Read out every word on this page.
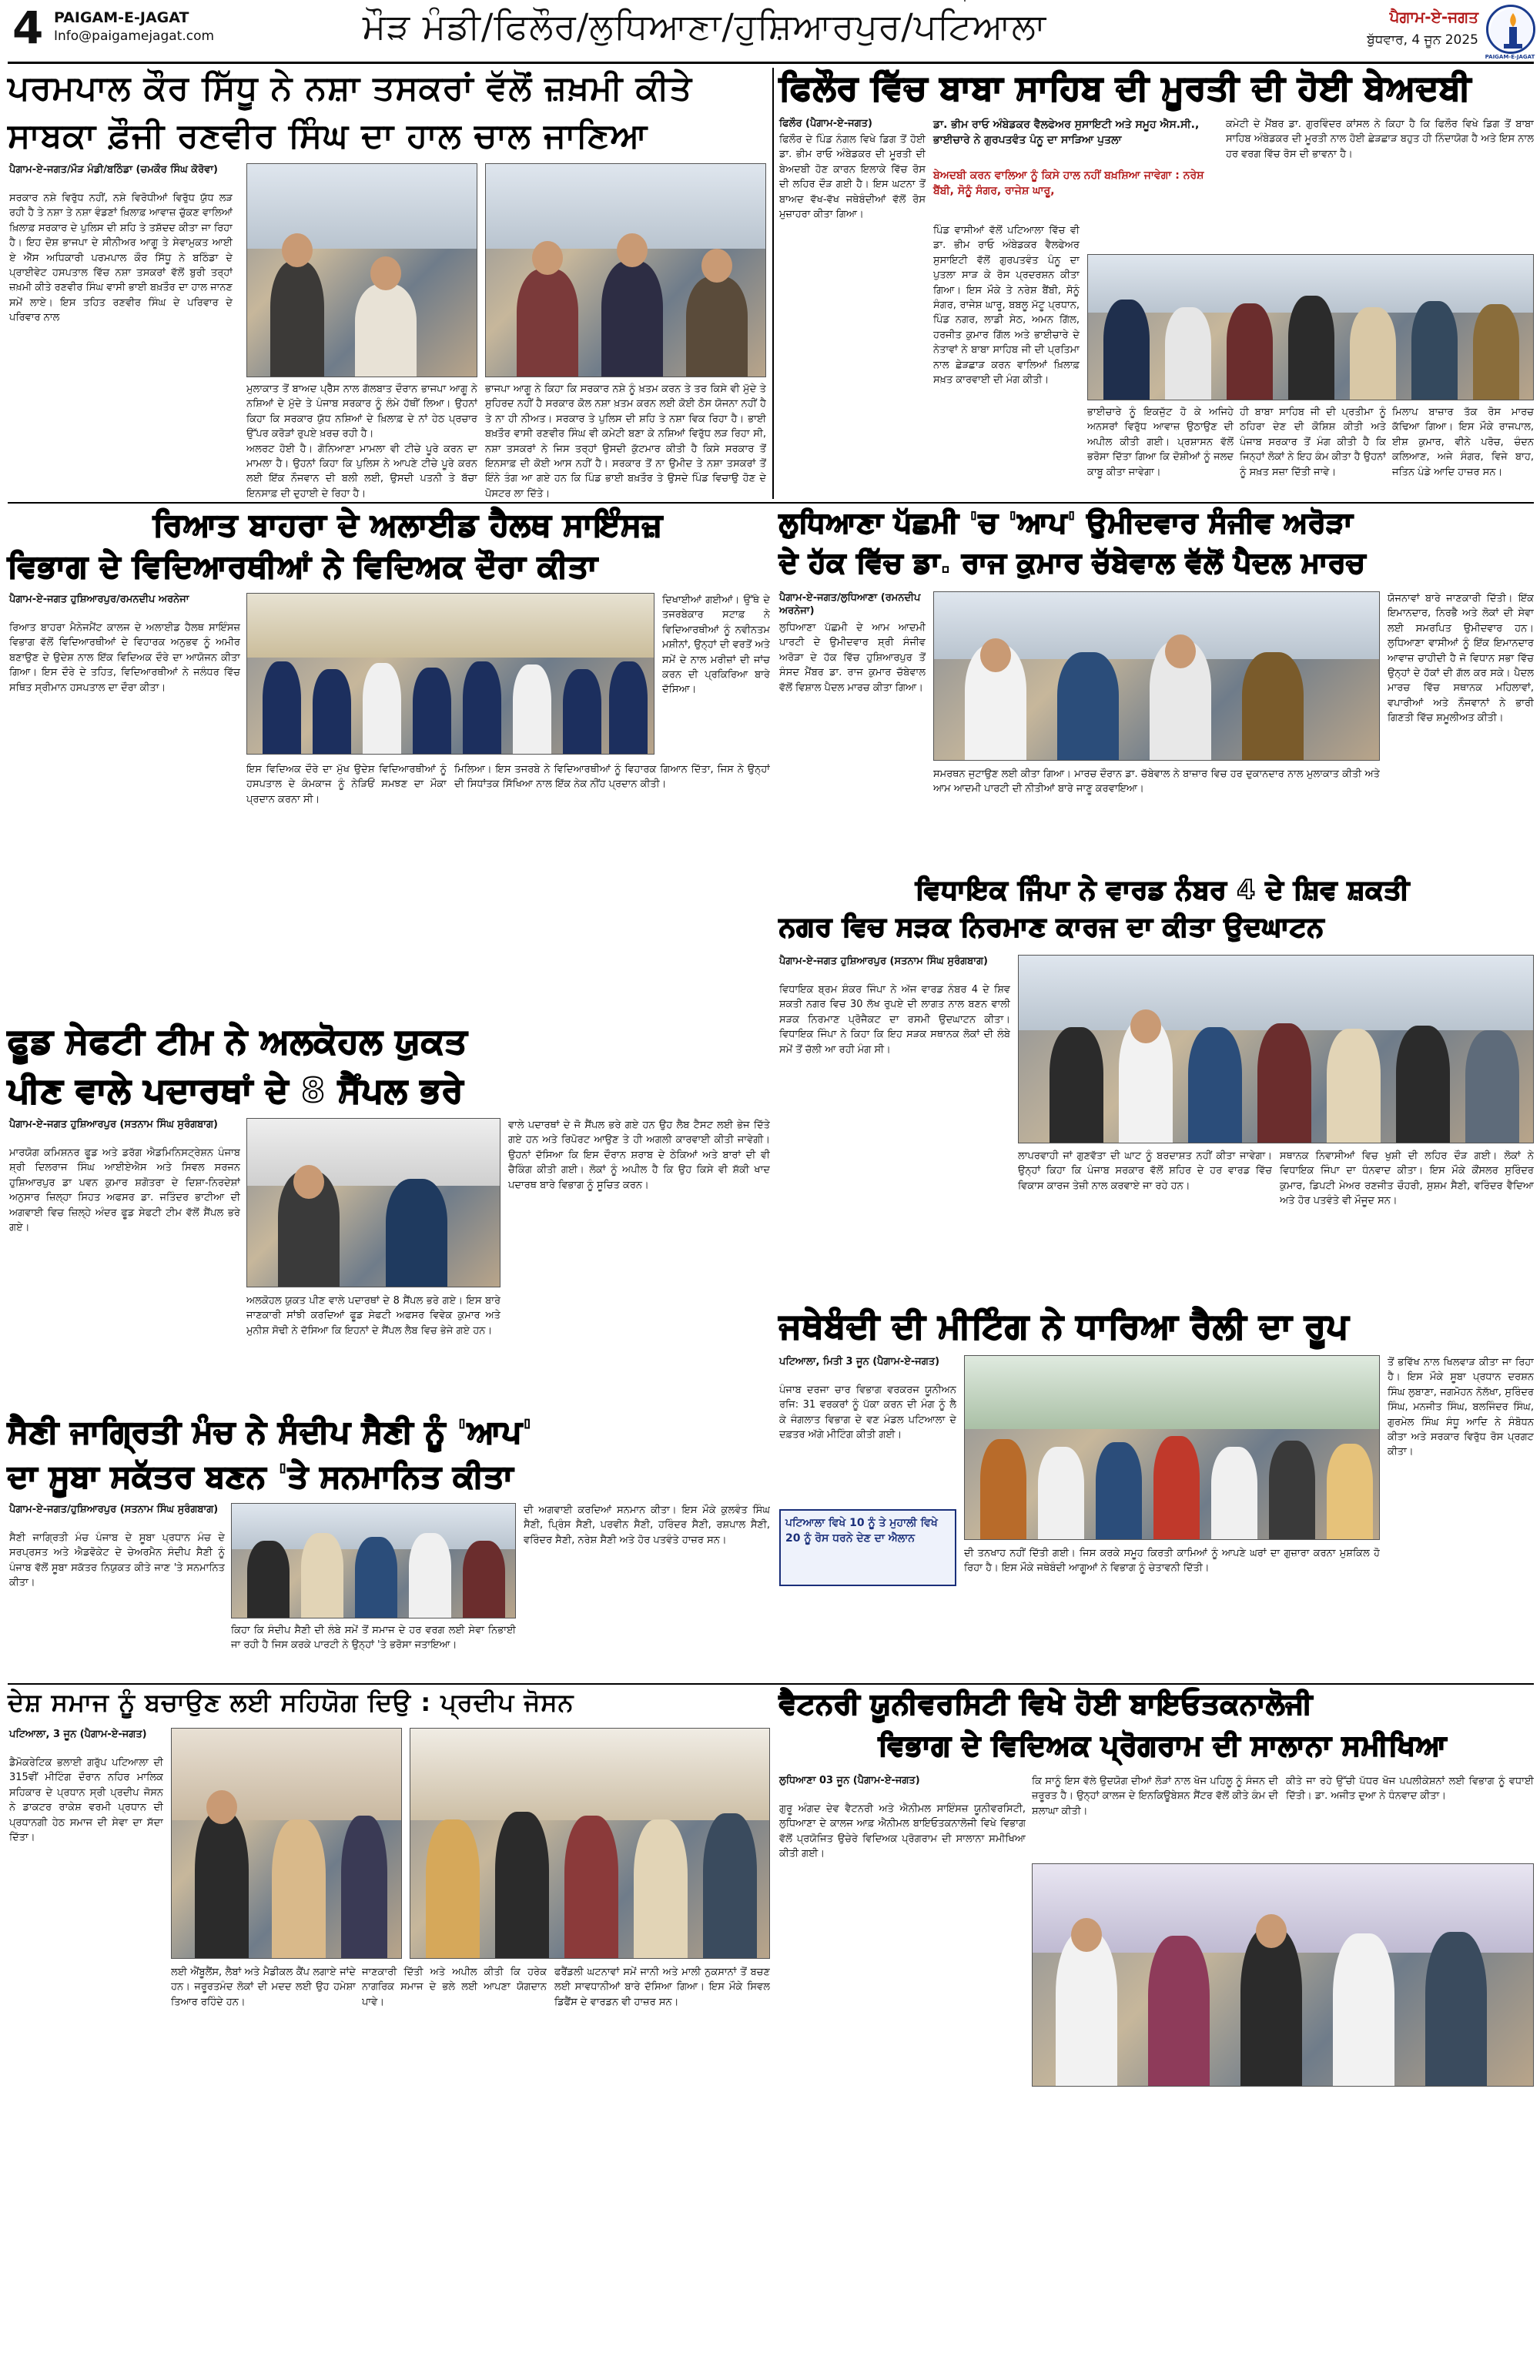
4 PAIGAM-E-JAGAT
Info@paigamejagat.com	ਮੌੜ ਮੰਡੀ/ਫਿਲੌਰ/ਲੁਧਿਆਣਾ/ਹੁਸ਼ਿਆਰਪੁਰ/ਪਟਿਆਲਾ	ਪੈਗਾਮ-ਏ-ਜਗਤ
ਬੁੱਧਵਾਰ, 4 ਜੂਨ 2025
PAIGAM-E-JAGAT
ਪਰਮਪਾਲ ਕੌਰ ਸਿੱਧੂ ਨੇ ਨਸ਼ਾ ਤਸਕਰਾਂ ਵੱਲੋਂ ਜ਼ਖ਼ਮੀ ਕੀਤੇ
ਸਾਬਕਾ ਫ਼ੌਜੀ ਰਣਵੀਰ ਸਿੰਘ ਦਾ ਹਾਲ ਚਾਲ ਜਾਣਿਆ
ਪੈਗਾਮ-ਏ-ਜਗਤ/ਮੌੜ ਮੰਡੀ/ਬਠਿੰਡਾ (ਚਮਕੌਰ ਸਿੰਘ ਕੋਰੋਵਾ)
ਸਰਕਾਰ ਨਸ਼ੇ ਵਿਰੁੱਧ ਨਹੀਂ, ਨਸ਼ੇ ਵਿਰੋਧੀਆਂ ਵਿਰੁੱਧ ਯੁੱਧ ਲੜ ਰਹੀ ਹੈ ਤੇ ਨਸ਼ਾ ਤੇ ਨਸ਼ਾ ਵੰਡਣਾਂ ਖ਼ਿਲਾਫ਼ ਆਵਾਜ਼ ਚੁੱਕਣ ਵਾਲਿਆਂ ਖ਼ਿਲਾਫ਼ ਸਰਕਾਰ ਦੇ ਪੁਲਿਸ ਦੀ ਸ਼ਹਿ ਤੇ ਤਸ਼ੱਦਦ ਕੀਤਾ ਜਾ ਰਿਹਾ ਹੈ। ਇਹ ਦੋਸ਼ ਭਾਜਪਾ ਦੇ ਸੀਨੀਅਰ ਆਗੂ ਤੇ ਸੇਵਾਮੁਕਤ ਆਈ ਏ ਐੱਸ ਅਧਿਕਾਰੀ ਪਰਮਪਾਲ ਕੌਰ ਸਿੱਧੂ ਨੇ ਬਠਿੰਡਾ ਦੇ ਪ੍ਰਾਈਵੇਟ ਹਸਪਤਾਲ ਵਿੱਚ ਨਸ਼ਾ ਤਸਕਰਾਂ ਵੱਲੋਂ ਬੁਰੀ ਤਰ੍ਹਾਂ ਜ਼ਖ਼ਮੀ ਕੀਤੇ ਰਣਵੀਰ ਸਿੰਘ ਵਾਸੀ ਭਾਈ ਬਖ਼ਤੌਰ ਦਾ ਹਾਲ ਜਾਨਣ ਸਮੇਂ ਲਾਏ। ਇਸ ਤਹਿਤ ਰਣਵੀਰ ਸਿੰਘ ਦੇ ਪਰਿਵਾਰ ਦੇ ਪਰਿਵਾਰ ਨਾਲ
ਮੁਲਾਕਾਤ ਤੋਂ ਬਾਅਦ ਪ੍ਰੈੱਸ ਨਾਲ ਗੱਲਬਾਤ ਦੌਰਾਨ ਭਾਜਪਾ ਆਗੂ ਨੇ ਨਸ਼ਿਆਂ ਦੇ ਮੁੱਦੇ ਤੇ ਪੰਜਾਬ ਸਰਕਾਰ ਨੂੰ ਲੰਮੇ ਹੱਥੀਂ ਲਿਆ। ਉਹਨਾਂ ਕਿਹਾ ਕਿ ਸਰਕਾਰ ਯੁੱਧ ਨਸ਼ਿਆਂ ਦੇ ਖ਼ਿਲਾਫ਼ ਦੇ ਨਾਂ ਹੇਠ ਪ੍ਰਚਾਰ ਉੱਪਰ ਕਰੋੜਾਂ ਰੁਪਏ ਖ਼ਰਚ ਰਹੀ ਹੈ।
ਅਲਰਟ ਹੋਈ ਹੈ। ਗੋਨਿਆਣਾ ਮਾਮਲਾ ਵੀ ਟੀਚੇ ਪੂਰੇ ਕਰਨ ਦਾ ਮਾਮਲਾ ਹੈ। ਉਹਨਾਂ ਕਿਹਾ ਕਿ ਪੁਲਿਸ ਨੇ ਆਪਣੇ ਟੀਚੇ ਪੂਰੇ ਕਰਨ ਲਈ ਇੱਕ ਨੌਜਵਾਨ ਦੀ ਬਲੀ ਲਈ, ਉਸਦੀ ਪਤਨੀ ਤੇ ਬੱਚਾ ਇਨਸਾਫ਼ ਦੀ ਦੁਹਾਈ ਦੇ ਰਿਹਾ ਹੈ।
ਭਾਜਪਾ ਆਗੂ ਨੇ ਕਿਹਾ ਕਿ ਸਰਕਾਰ ਨਸ਼ੇ ਨੂੰ ਖ਼ਤਮ ਕਰਨ ਤੇ ਤਰ ਕਿਸੇ ਵੀ ਮੁੱਦੇ ਤੇ ਸੁਹਿਰਦ ਨਹੀਂ ਹੈ ਸਰਕਾਰ ਕੋਲ ਨਸ਼ਾ ਖ਼ਤਮ ਕਰਨ ਲਈ ਕੋਈ ਠੋਸ ਯੋਜਨਾ ਨਹੀਂ ਹੈ ਤੇ ਨਾ ਹੀ ਨੀਅਤ। ਸਰਕਾਰ ਤੇ ਪੁਲਿਸ ਦੀ ਸ਼ਹਿ ਤੇ ਨਸ਼ਾ ਵਿਕ ਰਿਹਾ ਹੈ। ਭਾਈ ਬਖ਼ਤੌਰ ਵਾਸੀ ਰਣਵੀਰ ਸਿੰਘ ਵੀ ਕਮੇਟੀ ਬਣਾ ਕੇ ਨਸ਼ਿਆਂ ਵਿਰੁੱਧ ਲੜ ਰਿਹਾ ਸੀ, ਨਸ਼ਾ ਤਸਕਰਾਂ ਨੇ ਜਿਸ ਤਰ੍ਹਾਂ ਉਸਦੀ ਕੁੱਟਮਾਰ ਕੀਤੀ ਹੈ ਕਿਸੇ ਸਰਕਾਰ ਤੋਂ ਇਨਸਾਫ਼ ਦੀ ਕੋਈ ਆਸ ਨਹੀਂ ਹੈ। ਸਰਕਾਰ ਤੋਂ ਨਾ ਉਮੀਦ ਤੇ ਨਸ਼ਾ ਤਸਕਰਾਂ ਤੋਂ ਇੰਨੇ ਤੰਗ ਆ ਗਏ ਹਨ ਕਿ ਪਿੰਡ ਭਾਈ ਬਖ਼ਤੌਰ ਤੇ ਉਸਦੇ ਪਿੰਡ ਵਿਚਾਉ ਹੋਣ ਦੇ ਪੋਸਟਰ ਲਾ ਦਿੱਤੇ।
ਫਿਲੌਰ ਵਿੱਚ ਬਾਬਾ ਸਾਹਿਬ ਦੀ ਮੂਰਤੀ ਦੀ ਹੋਈ ਬੇਅਦਬੀ
ਫਿਲੌਰ (ਪੈਗਾਮ-ਏ-ਜਗਤ)
ਫਿਲੌਰ ਦੇ ਪਿੰਡ ਨੰਗਲ ਵਿਖੇ ਡਿਗ ਤੋਂ ਹੋਈ ਡਾ. ਭੀਮ ਰਾਓ ਅੰਬੇਡਕਰ ਦੀ ਮੂਰਤੀ ਦੀ ਬੇਅਦਬੀ ਹੋਣ ਕਾਰਨ ਇਲਾਕੇ ਵਿੱਚ ਰੋਸ ਦੀ ਲਹਿਰ ਦੌੜ ਗਈ ਹੈ। ਇਸ ਘਟਨਾ ਤੋਂ ਬਾਅਦ ਵੱਖ-ਵੱਖ ਜਥੇਬੰਦੀਆਂ ਵੱਲੋਂ ਰੋਸ ਮੁਜ਼ਾਹਰਾ ਕੀਤਾ ਗਿਆ।
ਡਾ. ਭੀਮ ਰਾਓ ਅੰਬੇਡਕਰ ਵੈਲਫੇਅਰ ਸੁਸਾਇਟੀ ਅਤੇ ਸਮੂਹ ਐਸ.ਸੀ., ਭਾਈਚਾਰੇ ਨੇ ਗੁਰਪਤਵੰਤ ਪੰਨੂ ਦਾ ਸਾੜਿਆ ਪੁਤਲਾ
ਬੇਅਦਬੀ ਕਰਨ ਵਾਲਿਆ ਨੂੰ ਕਿਸੇ ਹਾਲ ਨਹੀਂ ਬਖ਼ਸ਼ਿਆ ਜਾਵੇਗਾ : ਨਰੇਸ਼ ਬੈਂਬੀ, ਸੋਨੂੰ ਸੰਗਰ, ਰਾਜੇਸ਼ ਘਾਰੂ,
ਕਮੇਟੀ ਦੇ ਮੈਂਬਰ ਡਾ. ਗੁਰਵਿੰਦਰ ਕਾਂਸਲ ਨੇ ਕਿਹਾ ਹੈ ਕਿ ਫਿਲੌਰ ਵਿਖੇ ਡਿਗ ਤੋਂ ਬਾਬਾ ਸਾਹਿਬ ਅੰਬੇਡਕਰ ਦੀ ਮੂਰਤੀ ਨਾਲ ਹੋਈ ਛੇੜਛਾੜ ਬਹੁਤ ਹੀ ਨਿੰਦਾਯੋਗ ਹੈ ਅਤੇ ਇਸ ਨਾਲ ਹਰ ਵਰਗ ਵਿੱਚ ਰੋਸ ਦੀ ਭਾਵਨਾ ਹੈ।
ਪਿੰਡ ਵਾਸੀਆਂ ਵੱਲੋਂ ਪਟਿਆਲਾ ਵਿੱਚ ਵੀ ਡਾ. ਭੀਮ ਰਾਓ ਅੰਬੇਡਕਰ ਵੈਲਫੇਅਰ ਸੁਸਾਇਟੀ ਵੱਲੋਂ ਗੁਰਪਤਵੰਤ ਪੰਨੂ ਦਾ ਪੁਤਲਾ ਸਾੜ ਕੇ ਰੋਸ ਪ੍ਰਦਰਸ਼ਨ ਕੀਤਾ ਗਿਆ। ਇਸ ਮੌਕੇ ਤੇ ਨਰੇਸ਼ ਬੈਂਬੀ, ਸੋਨੂੰ ਸੰਗਰ, ਰਾਜੇਸ਼ ਘਾਰੂ, ਬਬਲੂ ਮੱਟੂ ਪ੍ਰਧਾਨ, ਪਿੰਡ ਨਗਰ, ਲਾਡੀ ਸੇਠ, ਅਮਨ ਗਿੱਲ, ਹਰਜੀਤ ਕੁਮਾਰ ਗਿੱਲ ਅਤੇ ਭਾਈਚਾਰੇ ਦੇ ਨੇਤਾਵਾਂ ਨੇ ਬਾਬਾ ਸਾਹਿਬ ਜੀ ਦੀ ਪ੍ਰਤਿਮਾ ਨਾਲ ਛੇੜਛਾੜ ਕਰਨ ਵਾਲਿਆਂ ਖ਼ਿਲਾਫ਼ ਸਖ਼ਤ ਕਾਰਵਾਈ ਦੀ ਮੰਗ ਕੀਤੀ।
ਭਾਈਚਾਰੇ ਨੂੰ ਇਕਜੁੱਟ ਹੋ ਕੇ ਅਜਿਹੇ ਅਨਸਰਾਂ ਵਿਰੁੱਧ ਆਵਾਜ਼ ਉਠਾਉਣ ਦੀ ਅਪੀਲ ਕੀਤੀ ਗਈ। ਪ੍ਰਸ਼ਾਸਨ ਵੱਲੋਂ ਭਰੋਸਾ ਦਿੱਤਾ ਗਿਆ ਕਿ ਦੋਸ਼ੀਆਂ ਨੂੰ ਜਲਦ ਕਾਬੂ ਕੀਤਾ ਜਾਵੇਗਾ।
ਹੀ ਬਾਬਾ ਸਾਹਿਬ ਜੀ ਦੀ ਪ੍ਰਤੀਮਾ ਨੂੰ ਠਹਿਰਾ ਦੇਣ ਦੀ ਕੋਸ਼ਿਸ਼ ਕੀਤੀ ਅਤੇ ਪੰਜਾਬ ਸਰਕਾਰ ਤੋਂ ਮੰਗ ਕੀਤੀ ਹੈ ਕਿ ਜਿਨ੍ਹਾਂ ਲੋਕਾਂ ਨੇ ਇਹ ਕੰਮ ਕੀਤਾ ਹੈ ਉਹਨਾਂ ਨੂੰ ਸਖ਼ਤ ਸਜ਼ਾ ਦਿੱਤੀ ਜਾਵੇ।
ਮਿਲਾਪ ਬਾਜ਼ਾਰ ਤੱਕ ਰੋਸ ਮਾਰਚ ਕੱਢਿਆ ਗਿਆ। ਇਸ ਮੌਕੇ ਰਾਜਪਾਲ, ਈਸ਼ ਕੁਮਾਰ, ਵੀਨੇ ਪਰੋਚ, ਚੰਦਨ ਕਲਿਆਣ, ਅਜੇ ਸੰਗਰ, ਵਿਜੇ ਬਾਹ, ਜਤਿਨ ਪੰਡੇ ਆਦਿ ਹਾਜ਼ਰ ਸਨ।
ਰਿਆਤ ਬਾਹਰਾ ਦੇ ਅਲਾਈਡ ਹੈਲਥ ਸਾਇੰਸਜ਼
ਵਿਭਾਗ ਦੇ ਵਿਦਿਆਰਥੀਆਂ ਨੇ ਵਿਦਿਅਕ ਦੌਰਾ ਕੀਤਾ
ਪੈਗਾਮ-ਏ-ਜਗਤ ਹੁਸ਼ਿਆਰਪੁਰ/ਰਮਨਦੀਪ ਅਰਨੇਜਾ
ਰਿਆਤ ਬਾਹਰਾ ਮੈਨੇਜਮੈਂਟ ਕਾਲਜ ਦੇ ਅਲਾਈਡ ਹੈਲਥ ਸਾਇੰਸਜ਼ ਵਿਭਾਗ ਵੱਲੋਂ ਵਿਦਿਆਰਥੀਆਂ ਦੇ ਵਿਹਾਰਕ ਅਨੁਭਵ ਨੂੰ ਅਮੀਰ ਬਣਾਉਣ ਦੇ ਉਦੇਸ਼ ਨਾਲ ਇੱਕ ਵਿਦਿਅਕ ਦੌਰੇ ਦਾ ਆਯੋਜਨ ਕੀਤਾ ਗਿਆ। ਇਸ ਦੌਰੇ ਦੇ ਤਹਿਤ, ਵਿਦਿਆਰਥੀਆਂ ਨੇ ਜਲੰਧਰ ਵਿੱਚ ਸਥਿਤ ਸ੍ਰੀਮਾਨ ਹਸਪਤਾਲ ਦਾ ਦੌਰਾ ਕੀਤਾ।
ਦਿਖਾਈਆਂ ਗਈਆਂ। ਉੱਥੇ ਦੇ ਤਜਰਬੇਕਾਰ ਸਟਾਫ਼ ਨੇ ਵਿਦਿਆਰਥੀਆਂ ਨੂੰ ਨਵੀਨਤਮ ਮਸ਼ੀਨਾਂ, ਉਨ੍ਹਾਂ ਦੀ ਵਰਤੋਂ ਅਤੇ ਸਮੇਂ ਦੇ ਨਾਲ ਮਰੀਜ਼ਾਂ ਦੀ ਜਾਂਚ ਕਰਨ ਦੀ ਪ੍ਰਕਿਰਿਆ ਬਾਰੇ ਦੱਸਿਆ।
ਇਸ ਵਿਦਿਅਕ ਦੌਰੇ ਦਾ ਮੁੱਖ ਉਦੇਸ਼ ਵਿਦਿਆਰਥੀਆਂ ਨੂੰ ਹਸਪਤਾਲ ਦੇ ਕੰਮਕਾਜ ਨੂੰ ਨੇੜਿਓਂ ਸਮਝਣ ਦਾ ਮੌਕਾ ਪ੍ਰਦਾਨ ਕਰਨਾ ਸੀ।
ਮਿਲਿਆ। ਇਸ ਤਜਰਬੇ ਨੇ ਵਿਦਿਆਰਥੀਆਂ ਨੂੰ ਵਿਹਾਰਕ ਗਿਆਨ ਦਿੱਤਾ, ਜਿਸ ਨੇ ਉਨ੍ਹਾਂ ਦੀ ਸਿਧਾਂਤਕ ਸਿੱਖਿਆ ਨਾਲ ਇੱਕ ਨੇਕ ਨੀਂਹ ਪ੍ਰਦਾਨ ਕੀਤੀ।
ਲੁਧਿਆਣਾ ਪੱਛਮੀ 'ਚ 'ਆਪ' ਉਮੀਦਵਾਰ ਸੰਜੀਵ ਅਰੋੜਾ
ਦੇ ਹੱਕ ਵਿੱਚ ਡਾ. ਰਾਜ ਕੁਮਾਰ ਚੱਬੇਵਾਲ ਵੱਲੋਂ ਪੈਦਲ ਮਾਰਚ
ਪੈਗਾਮ-ਏ-ਜਗਤ/ਲੁਧਿਆਣਾ (ਰਮਨਦੀਪ ਅਰਨੇਜਾ)
ਲੁਧਿਆਣਾ ਪੱਛਮੀ ਦੇ ਆਮ ਆਦਮੀ ਪਾਰਟੀ ਦੇ ਉਮੀਦਵਾਰ ਸ਼੍ਰੀ ਸੰਜੀਵ ਅਰੋੜਾ ਦੇ ਹੱਕ ਵਿੱਚ ਹੁਸ਼ਿਆਰਪੁਰ ਤੋਂ ਸੰਸਦ ਮੈਂਬਰ ਡਾ. ਰਾਜ ਕੁਮਾਰ ਚੱਬੇਵਾਲ ਵੱਲੋਂ ਵਿਸ਼ਾਲ ਪੈਦਲ ਮਾਰਚ ਕੀਤਾ ਗਿਆ।
ਯੋਜਨਾਵਾਂ ਬਾਰੇ ਜਾਣਕਾਰੀ ਦਿੱਤੀ। ਇੱਕ ਇਮਾਨਦਾਰ, ਨਿਰਭੈ ਅਤੇ ਲੋਕਾਂ ਦੀ ਸੇਵਾ ਲਈ ਸਮਰਪਿਤ ਉਮੀਦਵਾਰ ਹਨ। ਲੁਧਿਆਣਾ ਵਾਸੀਆਂ ਨੂੰ ਇੱਕ ਇਮਾਨਦਾਰ ਆਵਾਜ਼ ਚਾਹੀਦੀ ਹੈ ਜੋ ਵਿਧਾਨ ਸਭਾ ਵਿੱਚ ਉਨ੍ਹਾਂ ਦੇ ਹੱਕਾਂ ਦੀ ਗੱਲ ਕਰ ਸਕੇ। ਪੈਦਲ ਮਾਰਚ ਵਿੱਚ ਸਥਾਨਕ ਮਹਿਲਾਵਾਂ, ਵਪਾਰੀਆਂ ਅਤੇ ਨੌਜਵਾਨਾਂ ਨੇ ਭਾਰੀ ਗਿਣਤੀ ਵਿੱਚ ਸ਼ਮੂਲੀਅਤ ਕੀਤੀ।
ਸਮਰਥਨ ਜੁਟਾਉਣ ਲਈ ਕੀਤਾ ਗਿਆ। ਮਾਰਚ ਦੌਰਾਨ ਡਾ. ਚੱਬੇਵਾਲ ਨੇ ਬਾਜ਼ਾਰ ਵਿਚ ਹਰ ਦੁਕਾਨਦਾਰ ਨਾਲ ਮੁਲਾਕਾਤ ਕੀਤੀ ਅਤੇ ਆਮ ਆਦਮੀ ਪਾਰਟੀ ਦੀ ਨੀਤੀਆਂ ਬਾਰੇ ਜਾਣੂ ਕਰਵਾਇਆ।
ਵਿਧਾਇਕ ਜਿੰਪਾ ਨੇ ਵਾਰਡ ਨੰਬਰ 4 ਦੇ ਸ਼ਿਵ ਸ਼ਕਤੀ
ਨਗਰ ਵਿਚ ਸੜਕ ਨਿਰਮਾਣ ਕਾਰਜ ਦਾ ਕੀਤਾ ਉਦਘਾਟਨ
ਪੈਗਾਮ-ਏ-ਜਗਤ ਹੁਸ਼ਿਆਰਪੁਰ (ਸਤਨਾਮ ਸਿੰਘ ਸੁਰੰਗਬਾਗ)
ਵਿਧਾਇਕ ਬ੍ਰਮ ਸ਼ੰਕਰ ਜਿੰਪਾ ਨੇ ਅੱਜ ਵਾਰਡ ਨੰਬਰ 4 ਦੇ ਸ਼ਿਵ ਸ਼ਕਤੀ ਨਗਰ ਵਿਚ 30 ਲੱਖ ਰੁਪਏ ਦੀ ਲਾਗਤ ਨਾਲ ਬਣਨ ਵਾਲੀ ਸੜਕ ਨਿਰਮਾਣ ਪ੍ਰੋਜੈਕਟ ਦਾ ਰਸਮੀ ਉਦਘਾਟਨ ਕੀਤਾ। ਵਿਧਾਇਕ ਜਿੰਪਾ ਨੇ ਕਿਹਾ ਕਿ ਇਹ ਸੜਕ ਸਥਾਨਕ ਲੋਕਾਂ ਦੀ ਲੰਬੇ ਸਮੇਂ ਤੋਂ ਚੱਲੀ ਆ ਰਹੀ ਮੰਗ ਸੀ।
ਲਾਪਰਵਾਹੀ ਜਾਂ ਗੁਣਵੱਤਾ ਦੀ ਘਾਟ ਨੂੰ ਬਰਦਾਸ਼ਤ ਨਹੀਂ ਕੀਤਾ ਜਾਵੇਗਾ। ਉਨ੍ਹਾਂ ਕਿਹਾ ਕਿ ਪੰਜਾਬ ਸਰਕਾਰ ਵੱਲੋਂ ਸ਼ਹਿਰ ਦੇ ਹਰ ਵਾਰਡ ਵਿੱਚ ਵਿਕਾਸ ਕਾਰਜ ਤੇਜ਼ੀ ਨਾਲ ਕਰਵਾਏ ਜਾ ਰਹੇ ਹਨ।
ਸਥਾਨਕ ਨਿਵਾਸੀਆਂ ਵਿਚ ਖੁਸ਼ੀ ਦੀ ਲਹਿਰ ਦੌੜ ਗਈ। ਲੋਕਾਂ ਨੇ ਵਿਧਾਇਕ ਜਿੰਪਾ ਦਾ ਧੰਨਵਾਦ ਕੀਤਾ। ਇਸ ਮੌਕੇ ਕੌਂਸਲਰ ਸੁਰਿੰਦਰ ਕੁਮਾਰ, ਡਿਪਟੀ ਮੇਅਰ ਰਣਜੀਤ ਚੌਹਰੀ, ਸੁਸ਼ਮ ਸੈਣੀ, ਵਰਿੰਦਰ ਵੈਦਿਆ ਅਤੇ ਹੋਰ ਪਤਵੰਤੇ ਵੀ ਮੌਜੂਦ ਸਨ।
ਫੂਡ ਸੇਫਟੀ ਟੀਮ ਨੇ ਅਲਕੋਹਲ ਯੁਕਤ
ਪੀਣ ਵਾਲੇ ਪਦਾਰਥਾਂ ਦੇ 8 ਸੈਂਪਲ ਭਰੇ
ਪੈਗਾਮ-ਏ-ਜਗਤ ਹੁਸ਼ਿਆਰਪੁਰ (ਸਤਨਾਮ ਸਿੰਘ ਸੁਰੰਗਬਾਗ)
ਮਾਰਯੋਗ ਕਮਿਸ਼ਨਰ ਫੂਡ ਅਤੇ ਡਰੱਗ ਐਡਮਿਨਿਸਟ੍ਰੇਸ਼ਨ ਪੰਜਾਬ ਸ਼੍ਰੀ ਦਿਲਰਾਜ ਸਿੰਘ ਆਈਏਐਸ ਅਤੇ ਸਿਵਲ ਸਰਜਨ ਹੁਸ਼ਿਆਰਪੁਰ ਡਾ ਪਵਨ ਕੁਮਾਰ ਸ਼ਗੋਤਰਾ ਦੇ ਦਿਸ਼ਾ-ਨਿਰਦੇਸ਼ਾਂ ਅਨੁਸਾਰ ਜ਼ਿਲ੍ਹਾ ਸਿਹਤ ਅਫਸਰ ਡਾ. ਜਤਿੰਦਰ ਭਾਟੀਆ ਦੀ ਅਗਵਾਈ ਵਿਚ ਜ਼ਿਲ੍ਹੇ ਅੰਦਰ ਫੂਡ ਸੇਫਟੀ ਟੀਮ ਵੱਲੋਂ ਸੈਂਪਲ ਭਰੇ ਗਏ।
ਅਲਕੋਹਲ ਯੁਕਤ ਪੀਣ ਵਾਲੇ ਪਦਾਰਥਾਂ ਦੇ 8 ਸੈਂਪਲ ਭਰੇ ਗਏ। ਇਸ ਬਾਰੇ ਜਾਣਕਾਰੀ ਸਾਂਝੀ ਕਰਦਿਆਂ ਫੂਡ ਸੇਫਟੀ ਅਫਸਰ ਵਿਵੇਕ ਕੁਮਾਰ ਅਤੇ ਮੁਨੀਸ਼ ਸੋਢੀ ਨੇ ਦੱਸਿਆ ਕਿ ਇਹਨਾਂ ਦੇ ਸੈਂਪਲ ਲੈਬ ਵਿਚ ਭੇਜੇ ਗਏ ਹਨ।
ਵਾਲੇ ਪਦਾਰਥਾਂ ਦੇ ਜੋ ਸੈਂਪਲ ਭਰੇ ਗਏ ਹਨ ਉਹ ਲੈਬ ਟੈਸਟ ਲਈ ਭੇਜ ਦਿੱਤੇ ਗਏ ਹਨ ਅਤੇ ਰਿਪੋਰਟ ਆਉਣ ਤੇ ਹੀ ਅਗਲੀ ਕਾਰਵਾਈ ਕੀਤੀ ਜਾਵੇਗੀ। ਉਹਨਾਂ ਦੱਸਿਆ ਕਿ ਇਸ ਦੌਰਾਨ ਸ਼ਰਾਬ ਦੇ ਠੇਕਿਆਂ ਅਤੇ ਬਾਰਾਂ ਦੀ ਵੀ ਚੈਕਿੰਗ ਕੀਤੀ ਗਈ। ਲੋਕਾਂ ਨੂੰ ਅਪੀਲ ਹੈ ਕਿ ਉਹ ਕਿਸੇ ਵੀ ਸ਼ੱਕੀ ਖਾਦ ਪਦਾਰਥ ਬਾਰੇ ਵਿਭਾਗ ਨੂੰ ਸੂਚਿਤ ਕਰਨ।
ਜਥੇਬੰਦੀ ਦੀ ਮੀਟਿੰਗ ਨੇ ਧਾਰਿਆ ਰੈਲੀ ਦਾ ਰੂਪ
ਪਟਿਆਲਾ, ਮਿਤੀ 3 ਜੂਨ (ਪੈਗਾਮ-ਏ-ਜਗਤ)
ਪੰਜਾਬ ਦਰਜਾ ਚਾਰ ਵਿਭਾਗ ਵਰਕਰਜ ਯੂਨੀਅਨ ਰਜਿ: 31 ਵਰਕਰਾਂ ਨੂੰ ਪੱਕਾ ਕਰਨ ਦੀ ਮੰਗ ਨੂੰ ਲੈ ਕੇ ਜੰਗਲਾਤ ਵਿਭਾਗ ਦੇ ਵਣ ਮੰਡਲ ਪਟਿਆਲਾ ਦੇ ਦਫ਼ਤਰ ਅੱਗੇ ਮੀਟਿੰਗ ਕੀਤੀ ਗਈ।
ਪਟਿਆਲਾ ਵਿਖੇ 10 ਨੂੰ ਤੇ ਮੁਹਾਲੀ ਵਿਖੇ 20 ਨੂੰ ਰੋਸ ਧਰਨੇ ਦੇਣ ਦਾ ਐਲਾਨ
ਤੋਂ ਭਵਿੱਖ ਨਾਲ ਖਿਲਵਾੜ ਕੀਤਾ ਜਾ ਰਿਹਾ ਹੈ। ਇਸ ਮੌਕੇ ਸੂਬਾ ਪ੍ਰਧਾਨ ਦਰਸ਼ਨ ਸਿੰਘ ਲੁਬਾਣਾ, ਜਗਮੋਹਨ ਨੋਲੱਖਾ, ਸੁਰਿੰਦਰ ਸਿੰਘ, ਮਨਜੀਤ ਸਿੰਘ, ਬਲਜਿੰਦਰ ਸਿੰਘ, ਗੁਰਮੇਲ ਸਿੰਘ ਸੰਧੂ ਆਦਿ ਨੇ ਸੰਬੋਧਨ ਕੀਤਾ ਅਤੇ ਸਰਕਾਰ ਵਿਰੁੱਧ ਰੋਸ ਪ੍ਰਗਟ ਕੀਤਾ।
ਦੀ ਤਨਖਾਹ ਨਹੀਂ ਦਿੱਤੀ ਗਈ। ਜਿਸ ਕਰਕੇ ਸਮੂਹ ਕਿਰਤੀ ਕਾਮਿਆਂ ਨੂੰ ਆਪਣੇ ਘਰਾਂ ਦਾ ਗੁਜ਼ਾਰਾ ਕਰਨਾ ਮੁਸ਼ਕਿਲ ਹੋ ਰਿਹਾ ਹੈ। ਇਸ ਮੌਕੇ ਜਥੇਬੰਦੀ ਆਗੂਆਂ ਨੇ ਵਿਭਾਗ ਨੂੰ ਚੇਤਾਵਨੀ ਦਿੱਤੀ।
ਸੈਣੀ ਜਾਗ੍ਰਿਤੀ ਮੰਚ ਨੇ ਸੰਦੀਪ ਸੈਣੀ ਨੂੰ 'ਆਪ'
ਦਾ ਸੂਬਾ ਸਕੱਤਰ ਬਣਨ 'ਤੇ ਸਨਮਾਨਿਤ ਕੀਤਾ
ਪੈਗਾਮ-ਏ-ਜਗਤ/ਹੁਸ਼ਿਆਰਪੁਰ (ਸਤਨਾਮ ਸਿੰਘ ਸੁਰੰਗਬਾਗ)
ਸੈਣੀ ਜਾਗ੍ਰਿਤੀ ਮੰਚ ਪੰਜਾਬ ਦੇ ਸੂਬਾ ਪ੍ਰਧਾਨ ਮੰਚ ਦੇ ਸਰਪ੍ਰਸਤ ਅਤੇ ਐਡਵੋਕੇਟ ਦੇ ਚੇਅਰਮੈਨ ਸੰਦੀਪ ਸੈਣੀ ਨੂੰ ਪੰਜਾਬ ਵੱਲੋਂ ਸੂਬਾ ਸਕੱਤਰ ਨਿਯੁਕਤ ਕੀਤੇ ਜਾਣ 'ਤੇ ਸਨਮਾਨਿਤ ਕੀਤਾ।
ਕਿਹਾ ਕਿ ਸੰਦੀਪ ਸੈਣੀ ਦੀ ਲੰਬੇ ਸਮੇਂ ਤੋਂ ਸਮਾਜ ਦੇ ਹਰ ਵਰਗ ਲਈ ਸੇਵਾ ਨਿਭਾਈ ਜਾ ਰਹੀ ਹੈ ਜਿਸ ਕਰਕੇ ਪਾਰਟੀ ਨੇ ਉਨ੍ਹਾਂ 'ਤੇ ਭਰੋਸਾ ਜਤਾਇਆ।
ਦੀ ਅਗਵਾਈ ਕਰਦਿਆਂ ਸਨਮਾਨ ਕੀਤਾ। ਇਸ ਮੌਕੇ ਕੁਲਵੰਤ ਸਿੰਘ ਸੈਣੀ, ਪ੍ਰਿੰਸ ਸੈਣੀ, ਪਰਵੀਨ ਸੈਣੀ, ਹਰਿੰਦਰ ਸੈਣੀ, ਰਸ਼ਪਾਲ ਸੈਣੀ, ਵਰਿੰਦਰ ਸੈਣੀ, ਨਰੇਸ਼ ਸੈਣੀ ਅਤੇ ਹੋਰ ਪਤਵੰਤੇ ਹਾਜ਼ਰ ਸਨ।
ਦੇਸ਼ ਸਮਾਜ ਨੂੰ ਬਚਾਉਣ ਲਈ ਸਹਿਯੋਗ ਦਿਉ : ਪ੍ਰਦੀਪ ਜੋਸਨ
ਪਟਿਆਲਾ, 3 ਜੂਨ (ਪੈਗਾਮ-ਏ-ਜਗਤ)
ਡੈਮੋਕਰੇਟਿਕ ਭਲਾਈ ਗਰੁੱਪ ਪਟਿਆਲਾ ਦੀ 315ਵੀਂ ਮੀਟਿੰਗ ਦੌਰਾਨ ਨਹਿਰ ਮਾਲਿਕ ਸਹਿਕਾਰ ਦੇ ਪ੍ਰਧਾਨ ਸ੍ਰੀ ਪ੍ਰਦੀਪ ਜੋਸਨ ਨੇ ਡਾਕਟਰ ਰਾਕੇਸ਼ ਵਰਮੀ ਪ੍ਰਧਾਨ ਦੀ ਪ੍ਰਧਾਨਗੀ ਹੇਠ ਸਮਾਜ ਦੀ ਸੇਵਾ ਦਾ ਸੱਦਾ ਦਿੱਤਾ।
ਲਈ ਐਂਬੂਲੈਂਸ, ਲੈਬਾਂ ਅਤੇ ਮੈਡੀਕਲ ਕੈਂਪ ਲਗਾਏ ਜਾਂਦੇ ਹਨ। ਜਰੂਰਤਮੰਦ ਲੋਕਾਂ ਦੀ ਮਦਦ ਲਈ ਉਹ ਹਮੇਸ਼ਾ ਤਿਆਰ ਰਹਿੰਦੇ ਹਨ।
ਜਾਣਕਾਰੀ ਦਿੱਤੀ ਅਤੇ ਅਪੀਲ ਕੀਤੀ ਕਿ ਹਰੇਕ ਨਾਗਰਿਕ ਸਮਾਜ ਦੇ ਭਲੇ ਲਈ ਆਪਣਾ ਯੋਗਦਾਨ ਪਾਵੇ।
ਫਰੈਂਡਲੀ ਘਟਨਾਵਾਂ ਸਮੇਂ ਜਾਨੀ ਅਤੇ ਮਾਲੀ ਨੁਕਸਾਨਾਂ ਤੋਂ ਬਚਣ ਲਈ ਸਾਵਧਾਨੀਆਂ ਬਾਰੇ ਦੱਸਿਆ ਗਿਆ। ਇਸ ਮੌਕੇ ਸਿਵਲ ਡਿਫੈਂਸ ਦੇ ਵਾਰਡਨ ਵੀ ਹਾਜ਼ਰ ਸਨ।
ਵੈਟਨਰੀ ਯੂਨੀਵਰਸਿਟੀ ਵਿਖੇ ਹੋਈ ਬਾਇਓਤਕਨਾਲੋਜੀ
ਵਿਭਾਗ ਦੇ ਵਿਦਿਅਕ ਪ੍ਰੋਗਰਾਮ ਦੀ ਸਾਲਾਨਾ ਸਮੀਖਿਆ
ਲੁਧਿਆਣਾ 03 ਜੂਨ (ਪੈਗਾਮ-ਏ-ਜਗਤ)
ਗੁਰੂ ਅੰਗਦ ਦੇਵ ਵੈਟਨਰੀ ਅਤੇ ਐਨੀਮਲ ਸਾਇੰਸਜ਼ ਯੂਨੀਵਰਸਿਟੀ, ਲੁਧਿਆਣਾ ਦੇ ਕਾਲਜ ਆਫ਼ ਐਨੀਮਲ ਬਾਇਓਤਕਨਾਲੋਜੀ ਵਿਖੇ ਵਿਭਾਗ ਵੱਲੋਂ ਪ੍ਰਯੋਜਿਤ ਉਚੇਰੇ ਵਿਦਿਅਕ ਪ੍ਰੋਗਰਾਮ ਦੀ ਸਾਲਾਨਾ ਸਮੀਖਿਆ ਕੀਤੀ ਗਈ।
ਕਿ ਸਾਨੂੰ ਇਸ ਵੱਲੇ ਉਦਯੋਗ ਦੀਆਂ ਲੋੜਾਂ ਨਾਲ ਖੋਜ ਪਹਿਲੂ ਨੂੰ ਸੰਜਨ ਦੀ ਜ਼ਰੂਰਤ ਹੈ। ਉਨ੍ਹਾਂ ਕਾਲਜ ਦੇ ਇਨਕਿਊਬੇਸ਼ਨ ਸੈਂਟਰ ਵੱਲੋਂ ਕੀਤੇ ਕੰਮ ਦੀ ਸ਼ਲਾਘਾ ਕੀਤੀ।
ਕੀਤੇ ਜਾ ਰਹੇ ਉੱਚੀ ਪੱਧਰ ਖੋਜ ਪਪਲੀਕੇਸ਼ਨਾਂ ਲਈ ਵਿਭਾਗ ਨੂੰ ਵਧਾਈ ਦਿੱਤੀ। ਡਾ. ਅਜੀਤ ਦੁਆ ਨੇ ਧੰਨਵਾਦ ਕੀਤਾ।
